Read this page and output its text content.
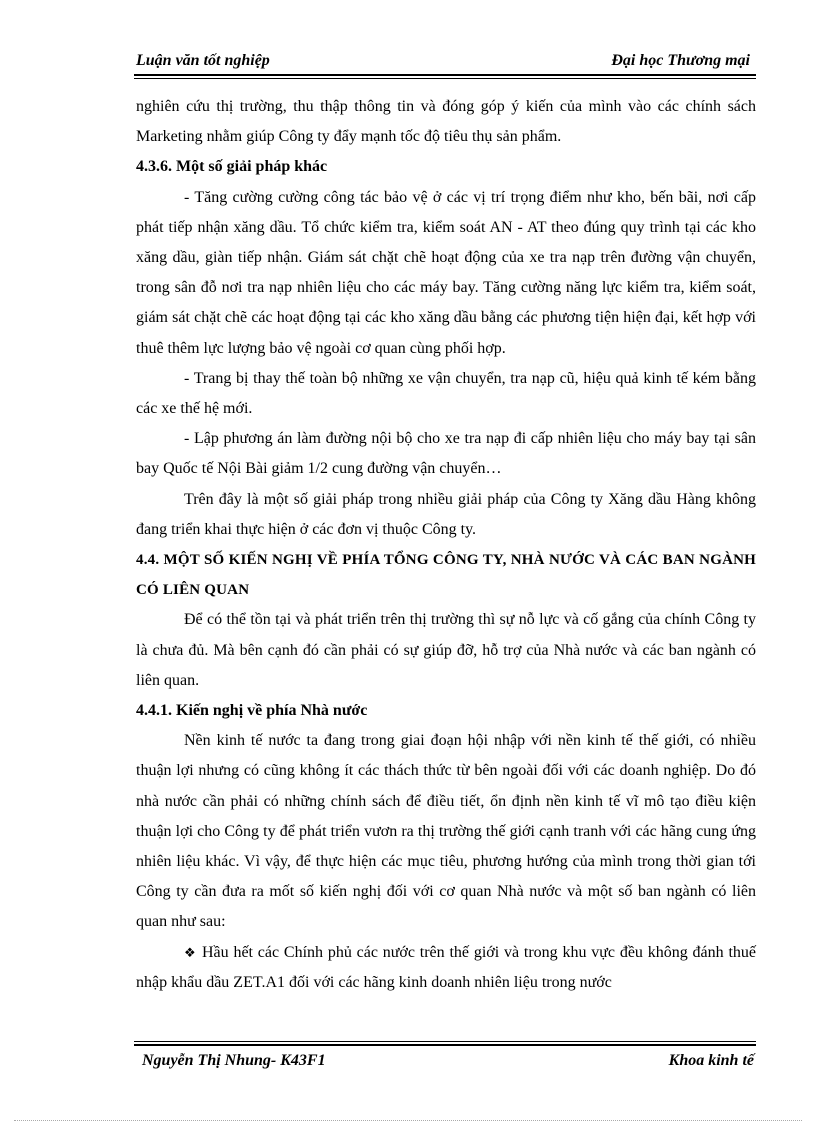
Luận văn tốt nghiệp	Đại học Thương mại

nghiên cứu thị trường, thu thập thông tin và đóng góp ý kiến của mình vào các chính sách Marketing nhằm giúp Công ty đẩy mạnh tốc độ tiêu thụ sản phẩm.

4.3.6. Một số giải pháp khác

- Tăng cường cường công tác bảo vệ ở các vị trí trọng điểm như kho, bến bãi, nơi cấp phát tiếp nhận xăng dầu. Tổ chức kiểm tra, kiểm soát AN - AT theo đúng quy trình tại các kho xăng dầu, giàn tiếp nhận. Giám sát chặt chẽ hoạt động của xe tra nạp trên đường vận chuyển, trong sân đỗ nơi tra nạp nhiên liệu cho các máy bay. Tăng cường năng lực kiểm tra, kiểm soát, giám sát chặt chẽ các hoạt động tại các kho xăng dầu bằng các phương tiện hiện đại, kết hợp với thuê thêm lực lượng bảo vệ ngoài cơ quan cùng phối hợp.

- Trang bị thay thế toàn bộ những xe vận chuyển, tra nạp cũ, hiệu quả kinh tế kém bằng các xe thế hệ mới.

- Lập phương án làm đường nội bộ cho xe tra nạp đi cấp nhiên liệu cho máy bay tại sân bay Quốc tế Nội Bài giảm 1/2 cung đường vận chuyển…

Trên đây là một số giải pháp trong nhiều giải pháp của Công ty Xăng dầu Hàng không đang triển khai thực hiện ở các đơn vị thuộc Công ty.

4.4. MỘT SỐ KIẾN NGHỊ VỀ PHÍA TỔNG CÔNG TY, NHÀ NƯỚC VÀ CÁC BAN NGÀNH CÓ LIÊN QUAN

Để có thể tồn tại và phát triển trên thị trường thì sự nỗ lực và cố gắng của chính Công ty là chưa đủ. Mà bên cạnh đó cần phải có sự giúp đỡ, hỗ trợ của Nhà nước và các ban ngành có liên quan.

4.4.1. Kiến nghị về phía Nhà nước

Nền kinh tế nước ta đang trong giai đoạn hội nhập với nền kinh tế thế giới, có nhiều thuận lợi nhưng có cũng không ít các thách thức từ bên ngoài đối với các doanh nghiệp. Do đó nhà nước cần phải có những chính sách để điều tiết, ổn định nền kinh tế vĩ mô tạo điều kiện thuận lợi cho Công ty để phát triển vươn ra thị trường thế giới cạnh tranh với các hãng cung ứng nhiên liệu khác. Vì vậy, để thực hiện các mục tiêu, phương hướng của mình trong thời gian tới Công ty cần đưa ra mốt số kiến nghị đối với cơ quan Nhà nước và một số ban ngành có liên quan như sau:

❖ Hầu hết các Chính phủ các nước trên thế giới và trong khu vực đều không đánh thuế nhập khẩu dầu ZET.A1 đối với các hãng kinh doanh nhiên liệu trong nước

Nguyễn Thị Nhung- K43F1	Khoa kinh tế
